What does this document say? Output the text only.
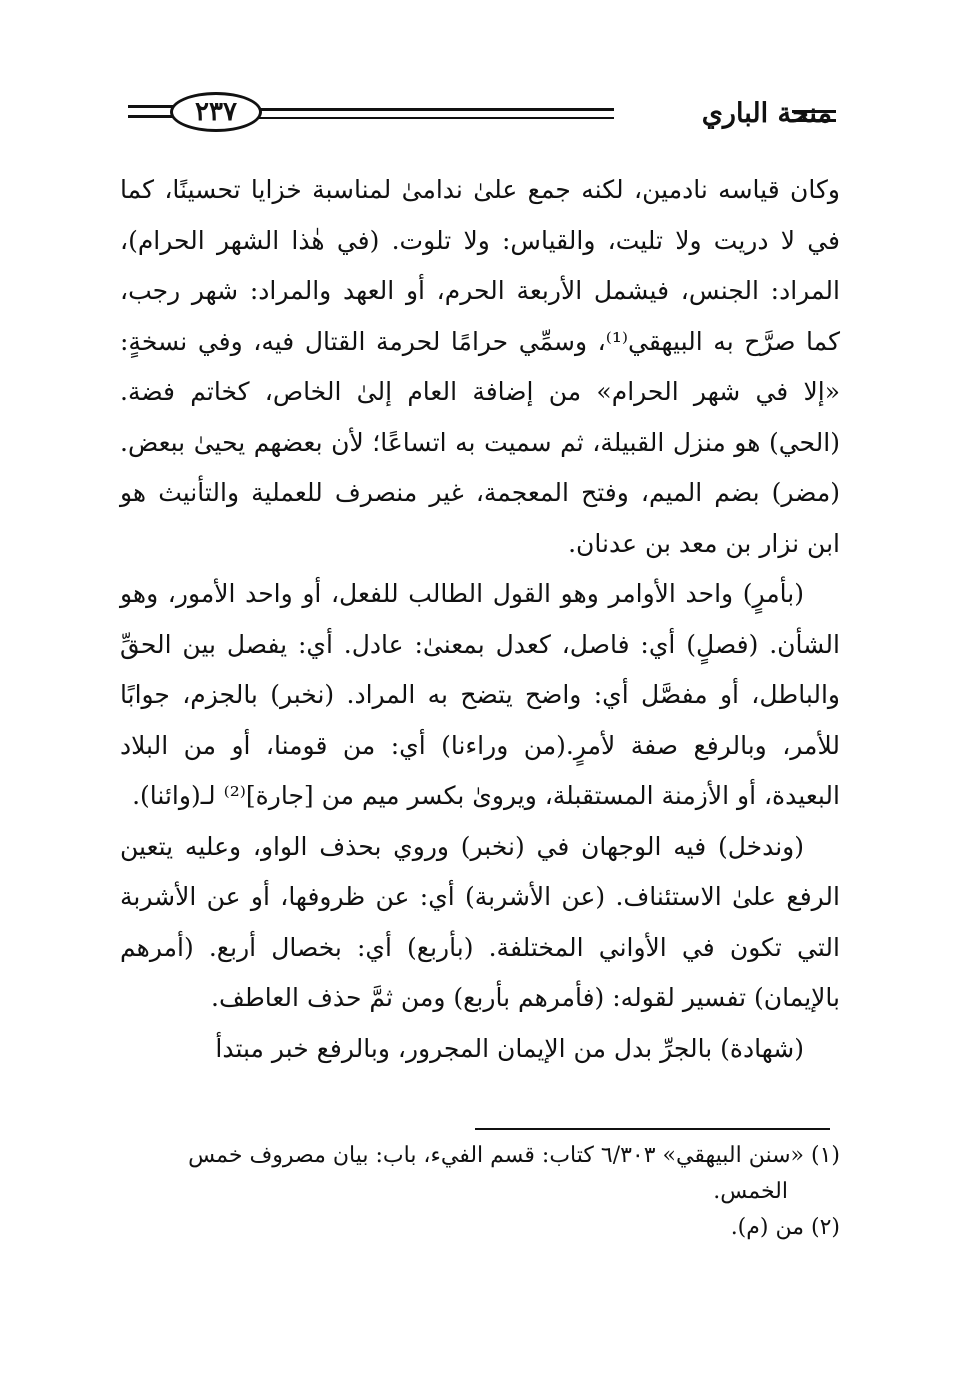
٢٣٧	منحة الباري

وكان قياسه نادمين، لكنه جمع علىٰ ندامىٰ لمناسبة خزايا تحسينًا، كما في لا دريت ولا تليت، والقياس: ولا تلوت. (في هٰذا الشهر الحرام)، المراد: الجنس، فيشمل الأربعة الحرم، أو العهد والمراد: شهر رجب، كما صرَّح به البيهقي⁽¹⁾، وسمِّي حرامًا لحرمة القتال فيه، وفي نسخةٍ: «إلا في شهر الحرام» من إضافة العام إلىٰ الخاص، كخاتم فضة. (الحي) هو منزل القبيلة، ثم سميت به اتساعًا؛ لأن بعضهم يحيىٰ ببعض. (مضر) بضم الميم، وفتح المعجمة، غير منصرف للعملية والتأنيث هو ابن نزار بن معد بن عدنان.

(بأمرٍ) واحد الأوامر وهو القول الطالب للفعل، أو واحد الأمور، وهو الشأن. (فصلٍ) أي: فاصل، كعدل بمعنىٰ: عادل. أي: يفصل بين الحقِّ والباطل، أو مفصَّل أي: واضح يتضح به المراد. (نخبر) بالجزم، جوابًا للأمر، وبالرفع صفة لأمرٍ.(من وراءنا) أي: من قومنا، أو من البلاد البعيدة، أو الأزمنة المستقبلة، ويروىٰ بكسر ميم من [جارة]⁽²⁾ لـ(وائنا).

(وندخل) فيه الوجهان في (نخبر) وروي بحذف الواو، وعليه يتعين الرفع علىٰ الاستئناف. (عن الأشربة) أي: عن ظروفها، أو عن الأشربة التي تكون في الأواني المختلفة. (بأربع) أي: بخصال أربع. (أمرهم بالإيمان) تفسير لقوله: (فأمرهم بأربع) ومن ثمَّ حذف العاطف.

(شهادة) بالجرِّ بدل من الإيمان المجرور، وبالرفع خبر مبتدأ

(١) «سنن البيهقي» ٦/٣٠٣ كتاب: قسم الفيء، باب: بيان مصروف خمس

الخمس.

(٢) من (م).
